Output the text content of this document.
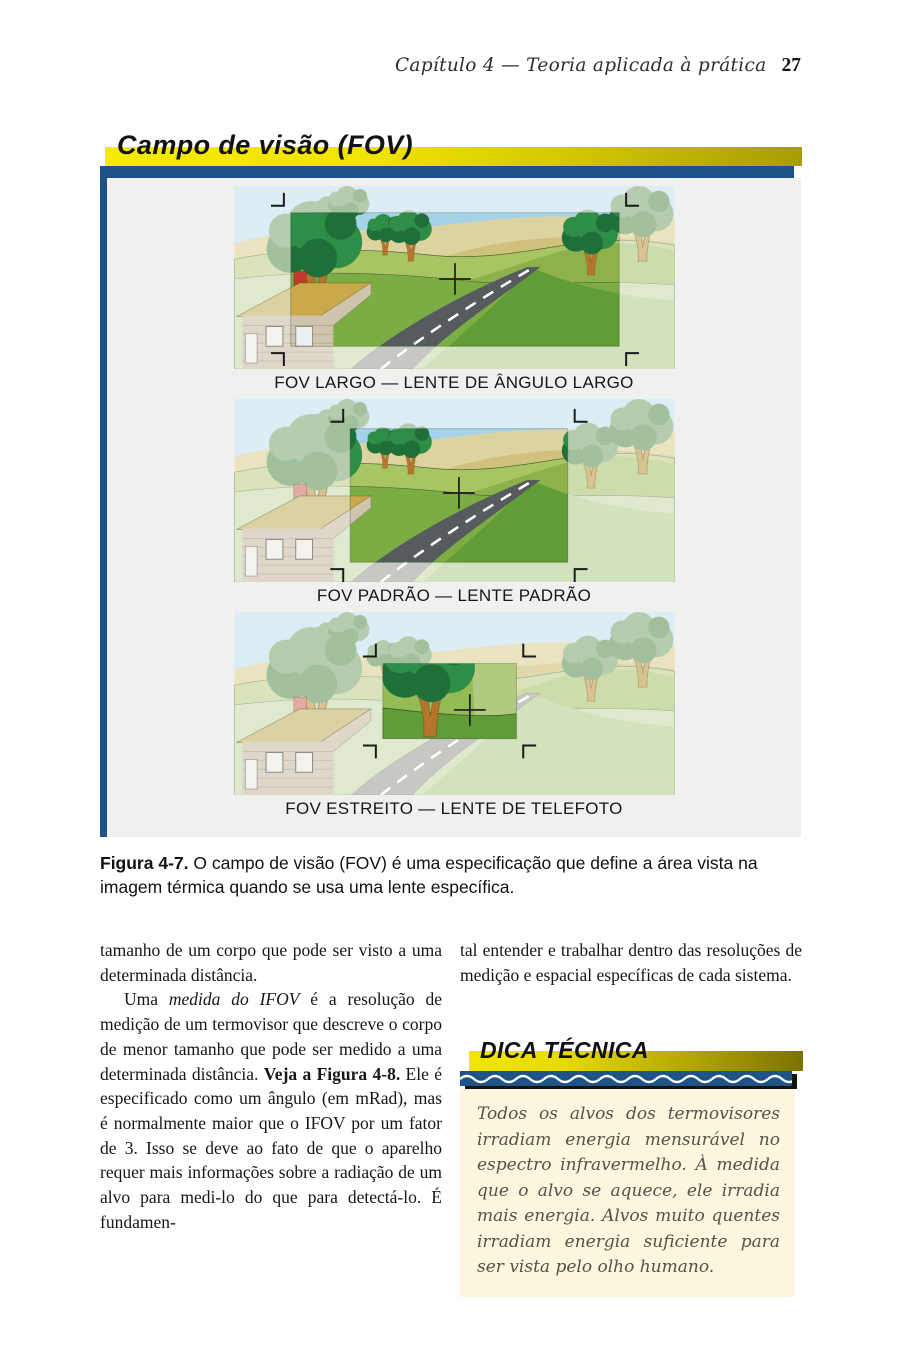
Capítulo 4 — Teoria aplicada à prática 27
Campo de visão (FOV)
FOV LARGO — LENTE DE ÂNGULO LARGO
FOV PADRÃO — LENTE PADRÃO
FOV ESTREITO — LENTE DE TELEFOTO

Figura 4-7. O campo de visão (FOV) é uma especificação que define a área vista na imagem térmica quando se usa uma lente específica.

tamanho de um corpo que pode ser visto a uma determinada distância.

Uma medida do IFOV é a resolução de medição de um termovisor que descreve o corpo de menor tamanho que pode ser medido a uma determinada distância. Veja a Figura 4-8. Ele é especificado como um ângulo (em mRad), mas é normalmente maior que o IFOV por um fator de 3. Isso se deve ao fato de que o aparelho requer mais informações sobre a radiação de um alvo para medi-lo do que para detectá-lo. É fundamen-

tal entender e trabalhar dentro das resoluções de medição e espacial específicas de cada sistema.

DICA TÉCNICA
Todos os alvos dos termovisores irradiam energia mensurável no espectro infravermelho. À medida que o alvo se aquece, ele irradia mais energia. Alvos muito quentes irradiam energia suficiente para ser vista pelo olho humano.
